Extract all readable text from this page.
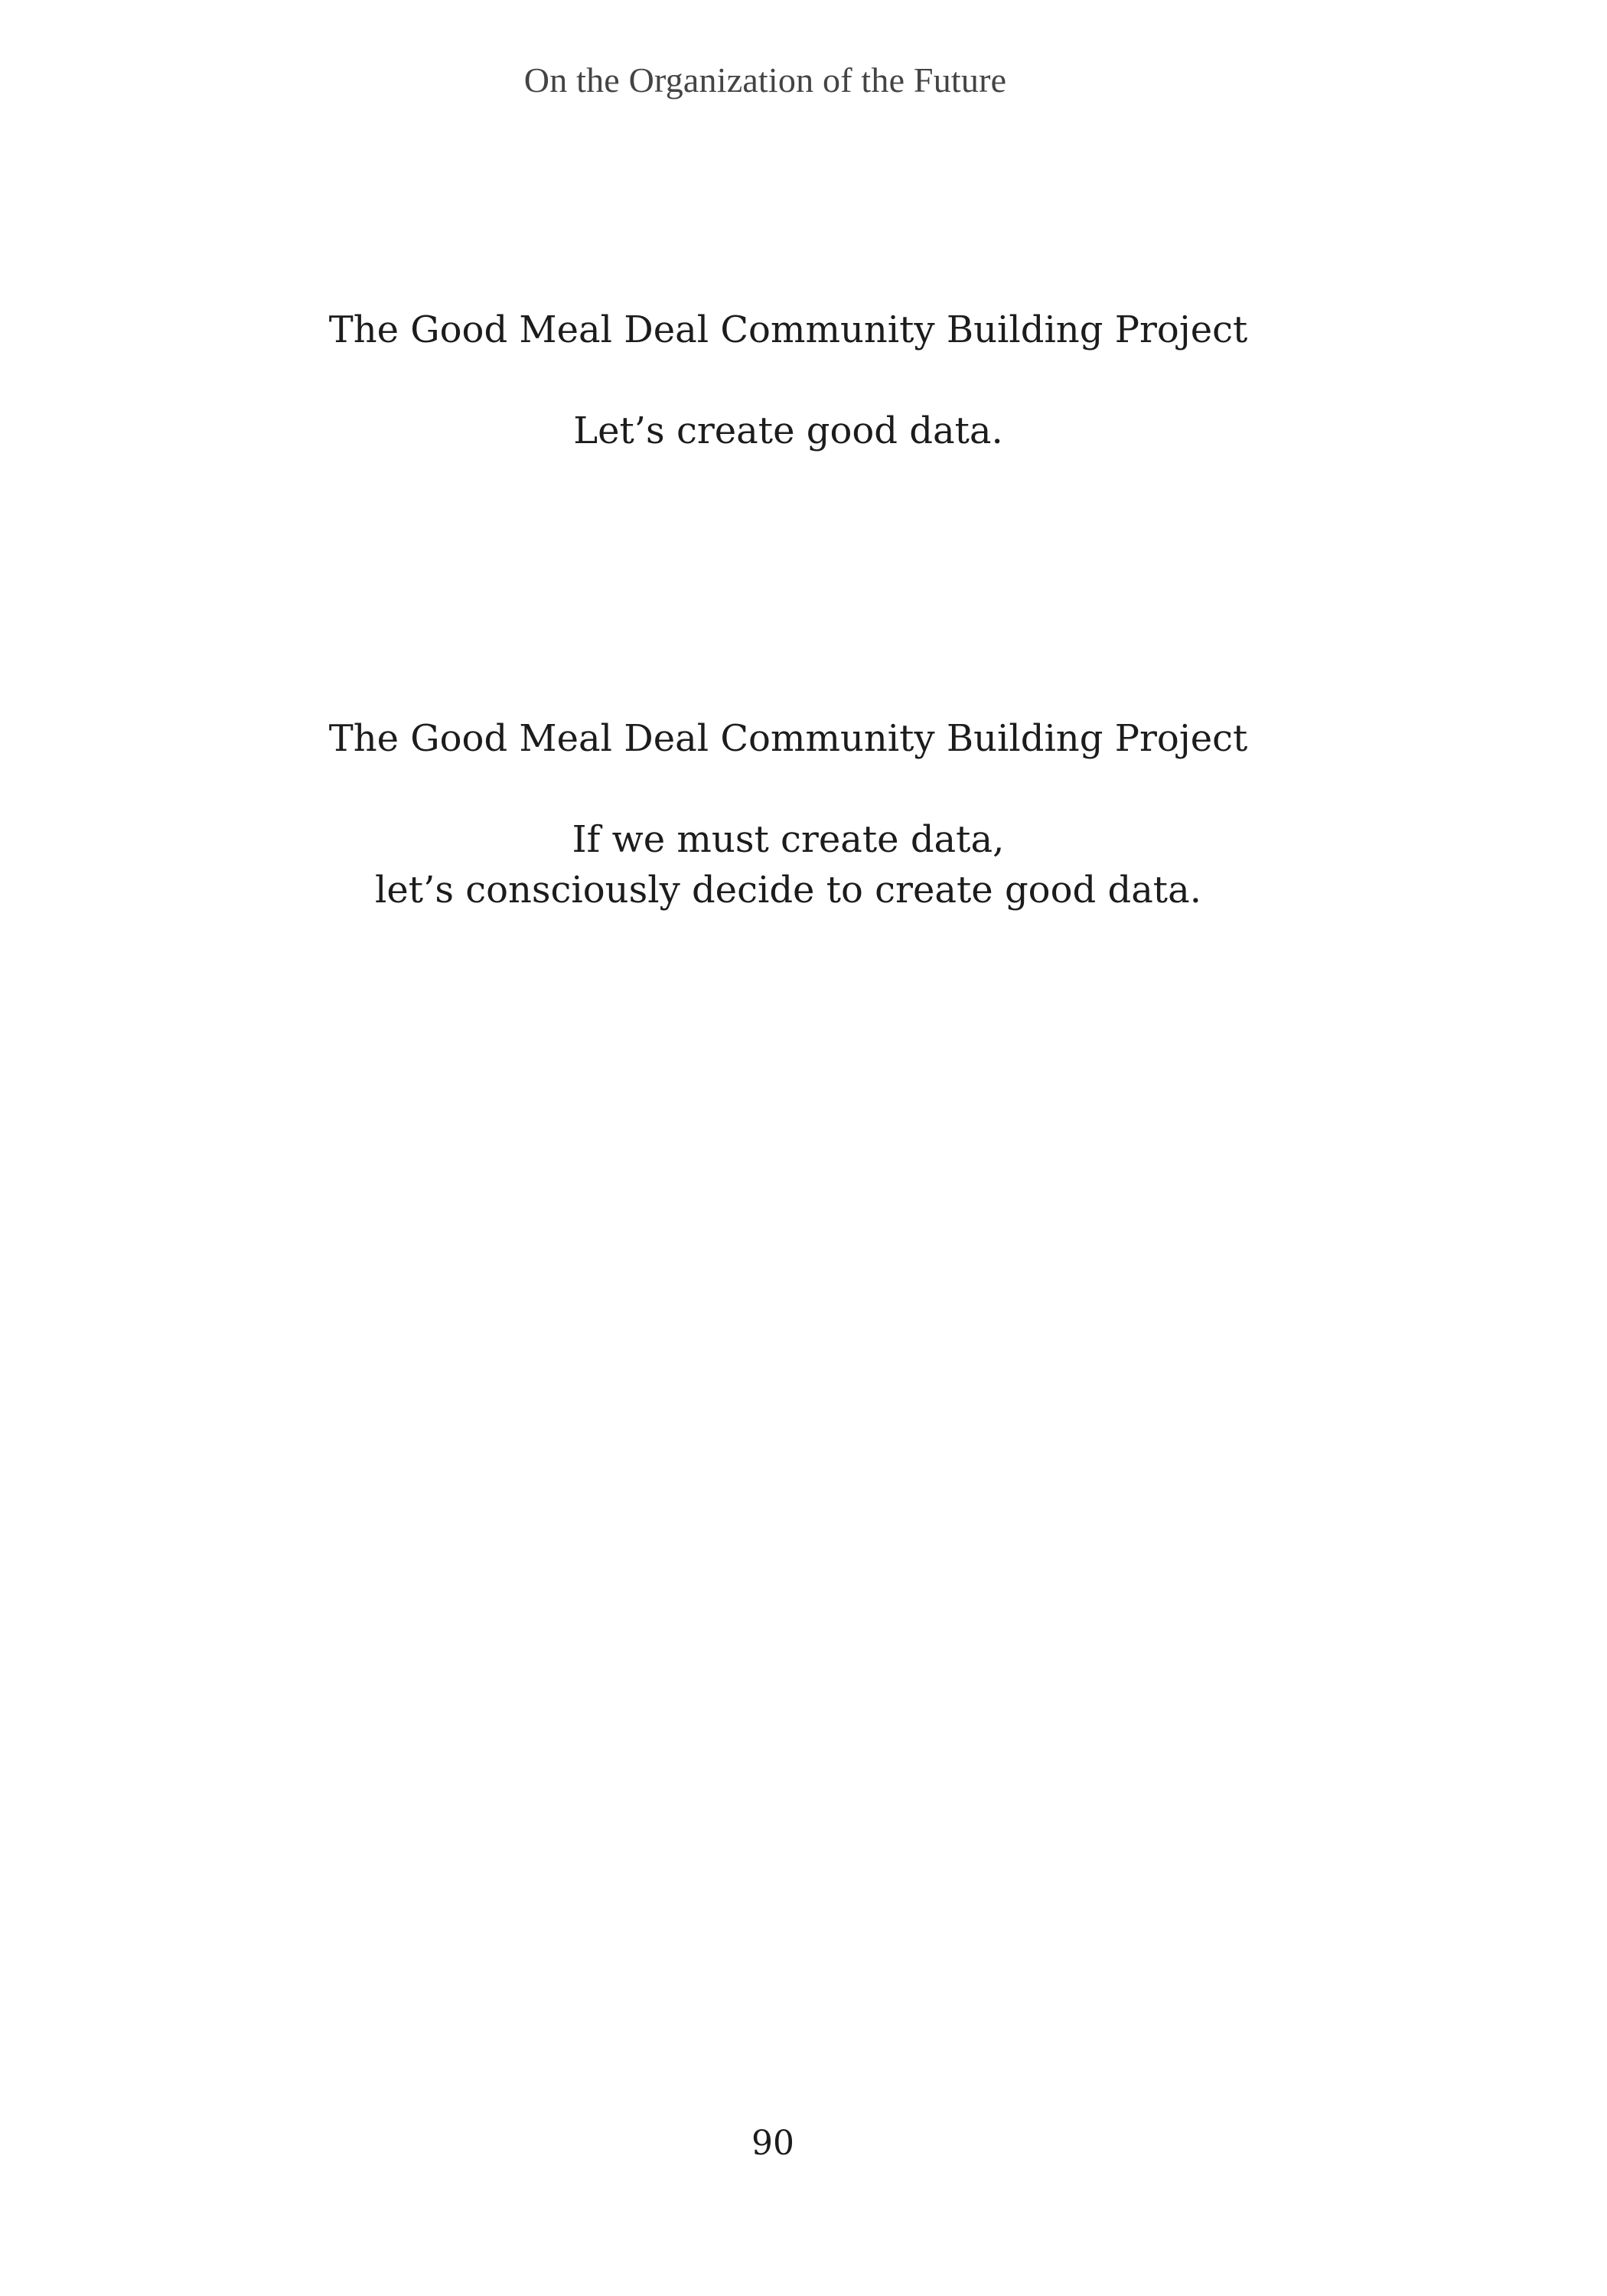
On the Organization of the Future

The Good Meal Deal Community Building Project

Let’s create good data.

The Good Meal Deal Community Building Project

If we must create data,
let’s consciously decide to create good data.

90
